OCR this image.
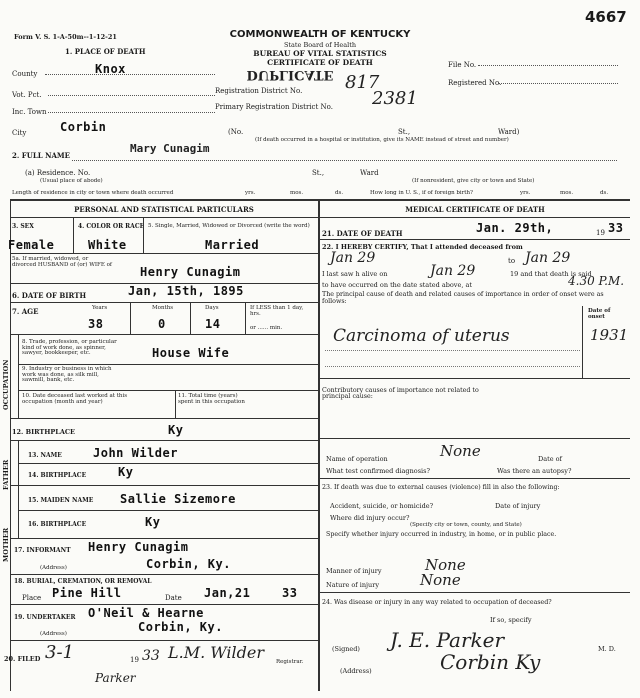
Form V. S. 1-A-50m--1-12-21
4667
COMMONWEALTH OF KENTUCKY
State Board of Health
BUREAU OF VITAL STATISTICS
CERTIFICATE OF DEATH
DUPLICATE
1. PLACE OF DEATH
County	Knox
Vot. Pct.
Inc. Town
Registration District No. 817
Primary Registration District No. 2381
File No.
Registered No.
City	Corbin	(No.	St.,	Ward)
(If death occurred in a hospital or institution, give its NAME instead of street and number)
2. FULL NAME
Mary Cunagim
(a) Residence. No.
(Usual place of abode)
St.,	Ward
(If nonresident, give city or town and State)
Length of residence in city or town where death occurred	yrs.	mos.	ds.	How long in U. S., if of foreign birth?	yrs.	mos.	ds.
PERSONAL AND STATISTICAL PARTICULARS
3. SEX	4. COLOR OR RACE 5. Single, Married, Widowed or Divorced (write the word)
Female	White	Married
5a. If married, widowed, or divorced HUSBAND of (or) WIFE of
Henry Cunagim
6. DATE OF BIRTH	Jan, 15th, 1895
7. AGE	Years	Months	Days	If LESS than 1 day, hrs.
or ...... min.
38	0	14
OCCUPATION
8. Trade, profession, or particular kind of work done, as spinner, sawyer, bookkeeper, etc.	House Wife
9. Industry or business in which work was done, as silk mill, sawmill, bank, etc.
10. Date deceased last worked at this occupation (month and year)
11. Total time (years) spent in this occupation
12. BIRTHPLACE	Ky
FATHER
MOTHER
13. NAME	John Wilder
14. BIRTHPLACE	Ky
15. MAIDEN NAME Sallie Sizemore
16. BIRTHPLACE	Ky
17. INFORMANT Henry Cunagim
(Address)	Corbin, Ky.
18. BURIAL, CREMATION, OR REMOVAL
Place Pine Hill	Date Jan,21	33
19. UNDERTAKER O'Neil & Hearne
(Address)	Corbin, Ky.
20. FILED 3-1	19 33 L.M. Wilder Registrar.
Parker
MEDICAL CERTIFICATE OF DEATH
21. DATE OF DEATH	Jan. 29th,	19 33
22. I HEREBY CERTIFY, That I attended deceased from
Jan 29	to Jan 29
I last saw h alive on	Jan 29	19 and that death is said
to have occurred on the date stated above, at	4.30 P.M.
The principal cause of death and related causes of importance in order of onset were as follows:
Date of onset
Carcinoma of uterus	1931
Contributory causes of importance not related to principal cause:
Name of operation	None	Date of
What test confirmed diagnosis?	Was there an autopsy?
23. If death was due to external causes (violence) fill in also the following:
Accident, suicide, or homicide?	Date of injury
Where did injury occur?
(Specify city or town, county, and State)
Specify whether injury occurred in industry, in home, or in public place.
Manner of injury	None
Nature of injury	None
24. Was disease or injury in any way related to occupation of deceased?
If so, specify
(Signed) J. E. Parker	M. D.
(Address)	Corbin Ky
